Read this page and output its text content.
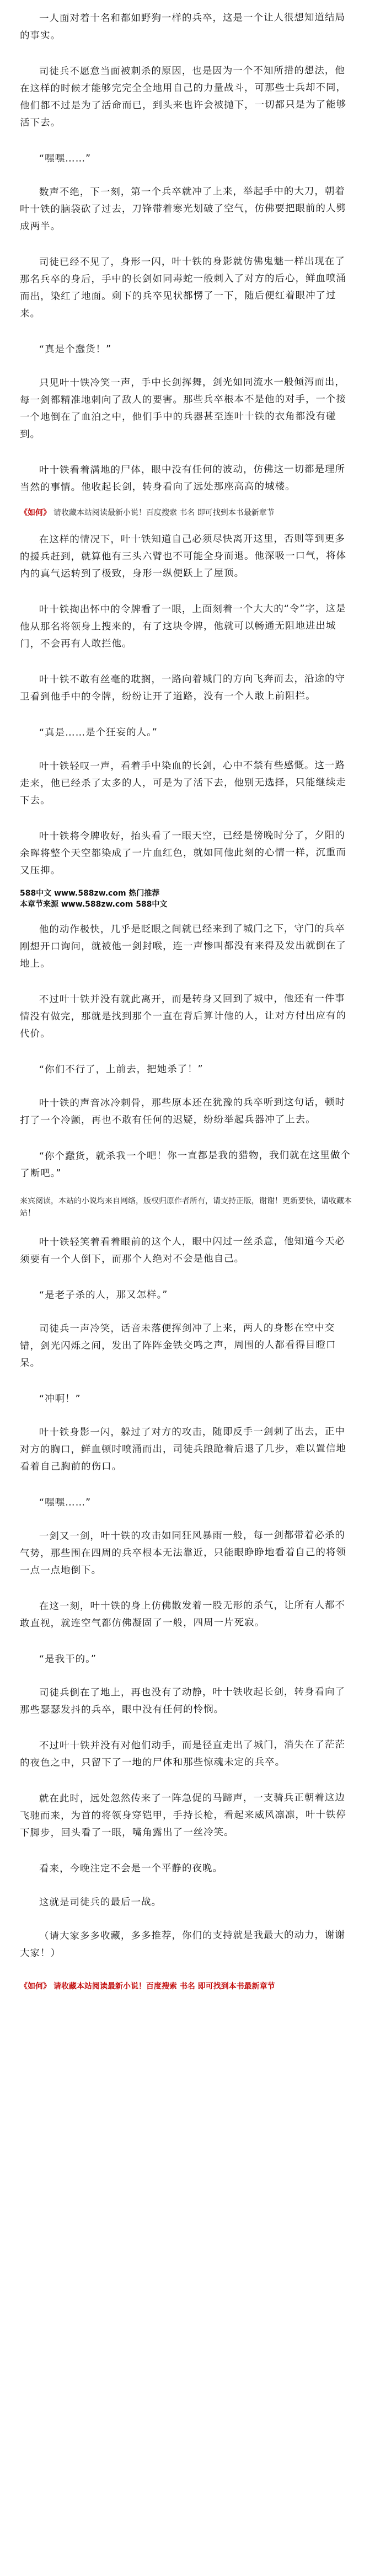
一人面对着十名和都如野狗一样的兵卒，这是一个让人很想知道结局的事实。

司徒兵不愿意当面被刺杀的原因，也是因为一个不知所措的想法，他在这样的时候才能够完完全全地用自己的力量战斗，可那些士兵却不同，他们都不过是为了活命而已，到头来也许会被抛下，一切都只是为了能够活下去。

“嘿嘿……”

数声不绝，下一刻，第一个兵卒就冲了上来，举起手中的大刀，朝着叶十铁的脑袋砍了过去，刀锋带着寒光划破了空气，仿佛要把眼前的人劈成两半。

司徒已经不见了，身形一闪，叶十铁的身影就仿佛鬼魅一样出现在了那名兵卒的身后，手中的长剑如同毒蛇一般刺入了对方的后心，鲜血喷涌而出，染红了地面。剩下的兵卒见状都愣了一下，随后便红着眼冲了过来。

“真是个蠢货！”

只见叶十铁冷笑一声，手中长剑挥舞，剑光如同流水一般倾泻而出，每一剑都精准地刺向了敌人的要害。那些兵卒根本不是他的对手，一个接一个地倒在了血泊之中，他们手中的兵器甚至连叶十铁的衣角都没有碰到。

叶十铁看着满地的尸体，眼中没有任何的波动，仿佛这一切都是理所当然的事情。他收起长剑，转身看向了远处那座高高的城楼。

《如何》 请收藏本站阅读最新小说！百度搜索 书名 即可找到本书最新章节

在这样的情况下，叶十铁知道自己必须尽快离开这里，否则等到更多的援兵赶到，就算他有三头六臂也不可能全身而退。他深吸一口气，将体内的真气运转到了极致，身形一纵便跃上了屋顶。

叶十铁掏出怀中的令牌看了一眼，上面刻着一个大大的“令”字，这是他从那名将领身上搜来的，有了这块令牌，他就可以畅通无阻地进出城门，不会再有人敢拦他。

叶十铁不敢有丝毫的耽搁，一路向着城门的方向飞奔而去，沿途的守卫看到他手中的令牌，纷纷让开了道路，没有一个人敢上前阻拦。

“真是……是个狂妄的人。”

叶十铁轻叹一声，看着手中染血的长剑，心中不禁有些感慨。这一路走来，他已经杀了太多的人，可是为了活下去，他别无选择，只能继续走下去。

叶十铁将令牌收好，抬头看了一眼天空，已经是傍晚时分了，夕阳的余晖将整个天空都染成了一片血红色，就如同他此刻的心情一样，沉重而又压抑。

588中文 www.588zw.com 热门推荐
本章节来源 www.588zw.com 588中文

他的动作极快，几乎是眨眼之间就已经来到了城门之下，守门的兵卒刚想开口询问，就被他一剑封喉，连一声惨叫都没有来得及发出就倒在了地上。

不过叶十铁并没有就此离开，而是转身又回到了城中，他还有一件事情没有做完，那就是找到那个一直在背后算计他的人，让对方付出应有的代价。

“你们不行了，上前去，把她杀了！”

叶十铁的声音冰冷刺骨，那些原本还在犹豫的兵卒听到这句话，顿时打了一个冷颤，再也不敢有任何的迟疑，纷纷举起兵器冲了上去。

“你个蠢货，就杀我一个吧！你一直都是我的猎物，我们就在这里做个了断吧。”

来宾阅读，本站的小说均来自网络，版权归原作者所有，请支持正版，谢谢！更新要快，请收藏本站！

叶十铁轻笑着看着眼前的这个人，眼中闪过一丝杀意，他知道今天必须要有一个人倒下，而那个人绝对不会是他自己。

“是老子杀的人，那又怎样。”

司徒兵一声冷笑，话音未落便挥剑冲了上来，两人的身影在空中交错，剑光闪烁之间，发出了阵阵金铁交鸣之声，周围的人都看得目瞪口呆。

“冲啊！”

叶十铁身影一闪，躲过了对方的攻击，随即反手一剑刺了出去，正中对方的胸口，鲜血顿时喷涌而出，司徒兵踉跄着后退了几步，难以置信地看着自己胸前的伤口。

“嘿嘿……”

一剑又一剑，叶十铁的攻击如同狂风暴雨一般，每一剑都带着必杀的气势，那些围在四周的兵卒根本无法靠近，只能眼睁睁地看着自己的将领一点一点地倒下。

在这一刻，叶十铁的身上仿佛散发着一股无形的杀气，让所有人都不敢直视，就连空气都仿佛凝固了一般，四周一片死寂。

“是我干的。”

司徒兵倒在了地上，再也没有了动静，叶十铁收起长剑，转身看向了那些瑟瑟发抖的兵卒，眼中没有任何的怜悯。

不过叶十铁并没有对他们动手，而是径直走出了城门，消失在了茫茫的夜色之中，只留下了一地的尸体和那些惊魂未定的兵卒。

就在此时，远处忽然传来了一阵急促的马蹄声，一支骑兵正朝着这边飞驰而来，为首的将领身穿铠甲，手持长枪，看起来威风凛凛，叶十铁停下脚步，回头看了一眼，嘴角露出了一丝冷笑。

看来，今晚注定不会是一个平静的夜晚。

这就是司徒兵的最后一战。

（请大家多多收藏，多多推荐，你们的支持就是我最大的动力，谢谢大家！）

《如何》 请收藏本站阅读最新小说！百度搜索 书名 即可找到本书最新章节
